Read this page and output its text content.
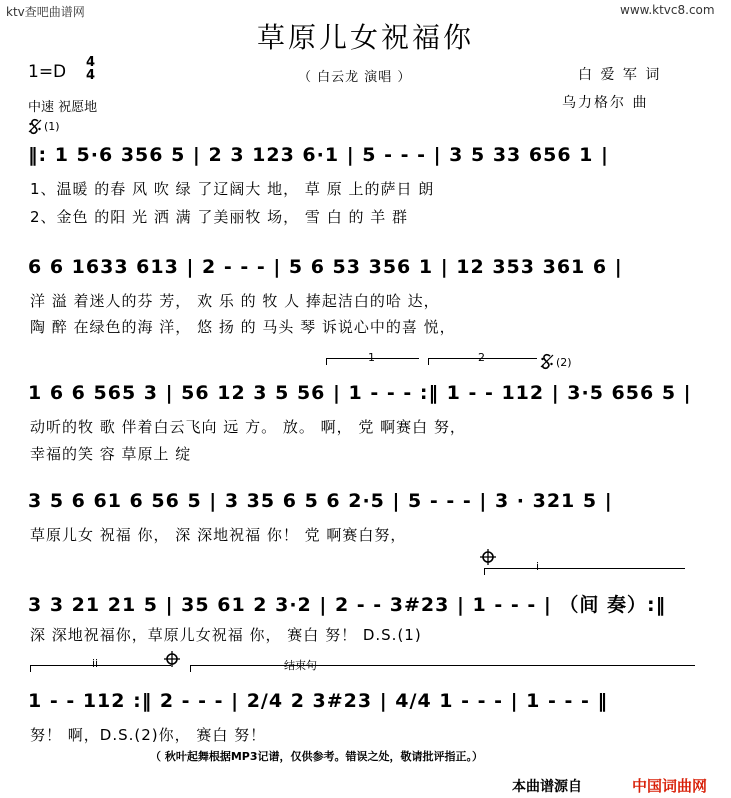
ktv查吧曲谱网	www.ktvc8.com
草原儿女祝福你
1=D 4
4	（ 白云龙 演唱 ）	白 爱 军 词
乌力格尔 曲
中速 祝愿地
(1)
‖: 1 5·6 356 5 | 2 3 123 6·1 | 5 - - - | 3 5 33 656 1 |
1、温暖 的春 风 吹 绿 了辽阔大 地， 草 原 上的萨日 朗
2、金色 的阳 光 洒 满 了美丽牧 场， 雪 白 的 羊 群
6 6 1633 613 | 2 - - - | 5 6 53 356 1 | 12 353 361 6 |
洋 溢 着迷人的芬 芳， 欢 乐 的 牧 人 捧起洁白的哈 达，
陶 醉 在绿色的海 洋， 悠 扬 的 马头 琴 诉说心中的喜 悦，
1	2	(2)
1 6 6 565 3 | 56 12 3 5 56 | 1 - - - :‖ 1 - - 112 | 3·5 656 5 |
动听的牧 歌 伴着白云飞向 远 方。 放。 啊， 党 啊赛白 努，
幸福的笑 容 草原上 绽
3 5 6 61 6 56 5 | 3 35 6 5 6 2·5 | 5 - - - | 3 · 321 5 |
草原儿女 祝福 你， 深 深地祝福 你！ 党 啊赛白努，
i
3 3 21 21 5 | 35 61 2 3·2 | 2 - - 3#23 | 1 - - - | （间 奏）:‖
深 深地祝福你，草原儿女祝福 你， 赛白 努！ D.S.(1)
ii	结束句
1 - - 112 :‖ 2 - - - | 2/4 2 3#23 | 4/4 1 - - - | 1 - - - ‖
努！ 啊，D.S.(2)你， 赛白 努！
（ 秋叶起舞根据MP3记谱，仅供参考。错误之处，敬请批评指正。）
本曲谱源自	中国词曲网
